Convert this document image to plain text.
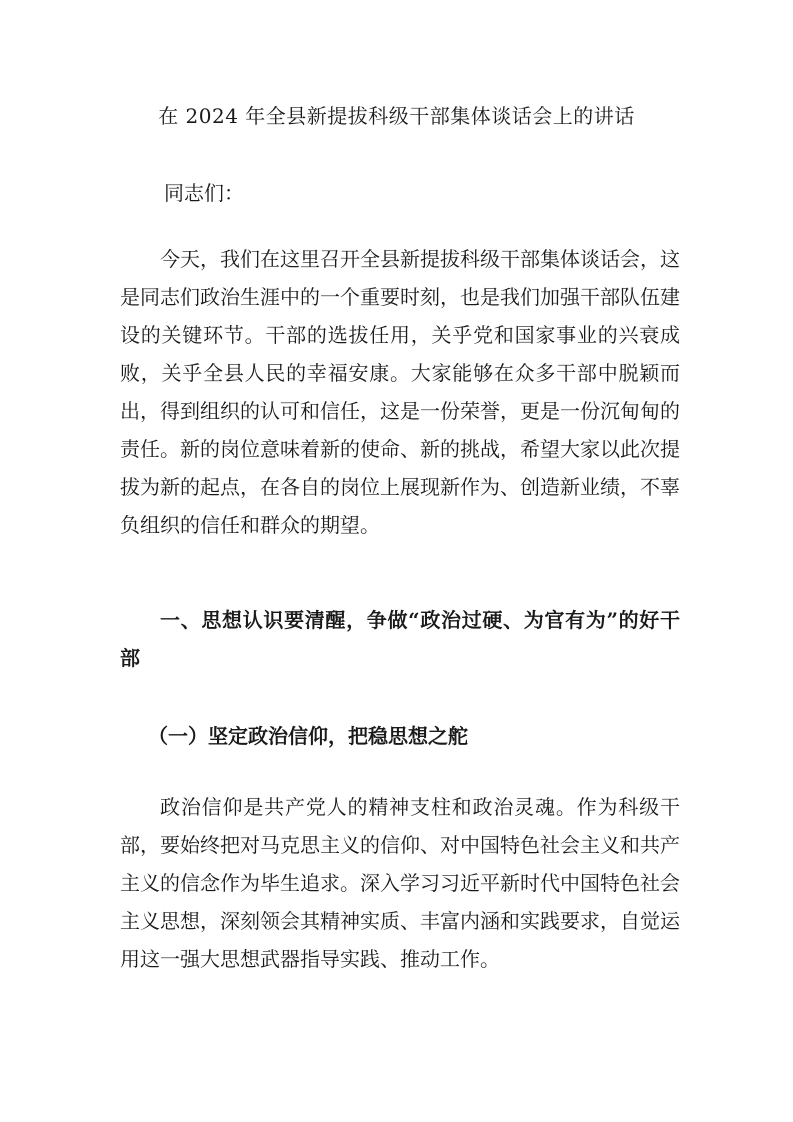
在 2024 年全县新提拔科级干部集体谈话会上的讲话
同志们：

今天，我们在这里召开全县新提拔科级干部集体谈话会，这是同志们政治生涯中的一个重要时刻，也是我们加强干部队伍建设的关键环节。干部的选拔任用，关乎党和国家事业的兴衰成败，关乎全县人民的幸福安康。大家能够在众多干部中脱颖而出，得到组织的认可和信任，这是一份荣誉，更是一份沉甸甸的责任。新的岗位意味着新的使命、新的挑战，希望大家以此次提拔为新的起点，在各自的岗位上展现新作为、创造新业绩，不辜负组织的信任和群众的期望。

一、思想认识要清醒，争做“政治过硬、为官有为”的好干部

（一）坚定政治信仰，把稳思想之舵

政治信仰是共产党人的精神支柱和政治灵魂。作为科级干部，要始终把对马克思主义的信仰、对中国特色社会主义和共产主义的信念作为毕生追求。深入学习习近平新时代中国特色社会主义思想，深刻领会其精神实质、丰富内涵和实践要求，自觉运用这一强大思想武器指导实践、推动工作。
